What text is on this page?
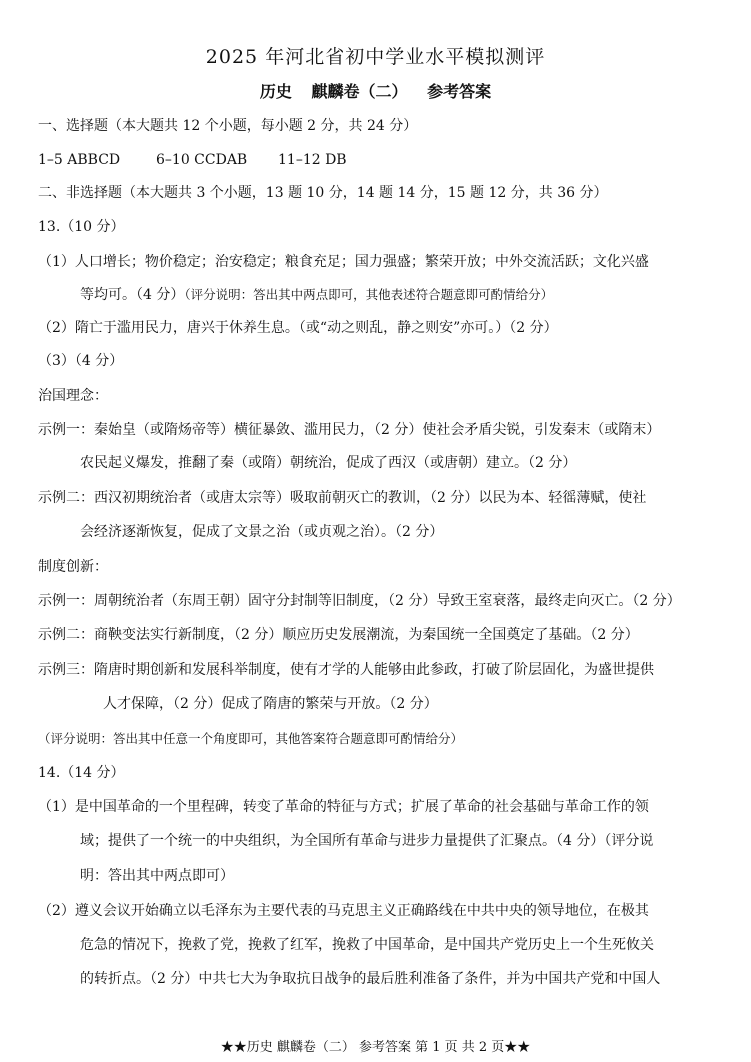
2025 年河北省初中学业水平模拟测评
历史 麒麟卷（二） 参考答案
一、选择题（本大题共 12 个小题，每小题 2 分，共 24 分）
1–5 ABBCD	6–10 CCDAB 11–12 DB
二、非选择题（本大题共 3 个小题，13 题 10 分，14 题 14 分，15 题 12 分，共 36 分）
13.（10 分）
（1）人口增长；物价稳定；治安稳定；粮食充足；国力强盛；繁荣开放；中外交流活跃；文化兴盛
等均可。（4 分）（评分说明：答出其中两点即可，其他表述符合题意即可酌情给分）
（2）隋亡于滥用民力，唐兴于休养生息。（或“动之则乱，静之则安”亦可。）（2 分）
（3）（4 分）
治国理念：
示例一：秦始皇（或隋炀帝等）横征暴敛、滥用民力，（2 分）使社会矛盾尖锐，引发秦末（或隋末）
农民起义爆发，推翻了秦（或隋）朝统治，促成了西汉（或唐朝）建立。（2 分）
示例二：西汉初期统治者（或唐太宗等）吸取前朝灭亡的教训，（2 分）以民为本、轻徭薄赋，使社
会经济逐渐恢复，促成了文景之治（或贞观之治）。（2 分）
制度创新：
示例一：周朝统治者（东周王朝）固守分封制等旧制度，（2 分）导致王室衰落，最终走向灭亡。（2 分）
示例二：商鞅变法实行新制度，（2 分）顺应历史发展潮流，为秦国统一全国奠定了基础。（2 分）
示例三：隋唐时期创新和发展科举制度，使有才学的人能够由此参政，打破了阶层固化，为盛世提供
人才保障，（2 分）促成了隋唐的繁荣与开放。（2 分）
（评分说明：答出其中任意一个角度即可，其他答案符合题意即可酌情给分）
14.（14 分）
（1）是中国革命的一个里程碑，转变了革命的特征与方式；扩展了革命的社会基础与革命工作的领
域；提供了一个统一的中央组织，为全国所有革命与进步力量提供了汇聚点。（4 分）（评分说
明：答出其中两点即可）
（2）遵义会议开始确立以毛泽东为主要代表的马克思主义正确路线在中共中央的领导地位，在极其
危急的情况下，挽救了党，挽救了红军，挽救了中国革命，是中国共产党历史上一个生死攸关
的转折点。（2 分）中共七大为争取抗日战争的最后胜利准备了条件，并为中国共产党和中国人
★★历史 麒麟卷（二） 参考答案 第 1 页 共 2 页★★
